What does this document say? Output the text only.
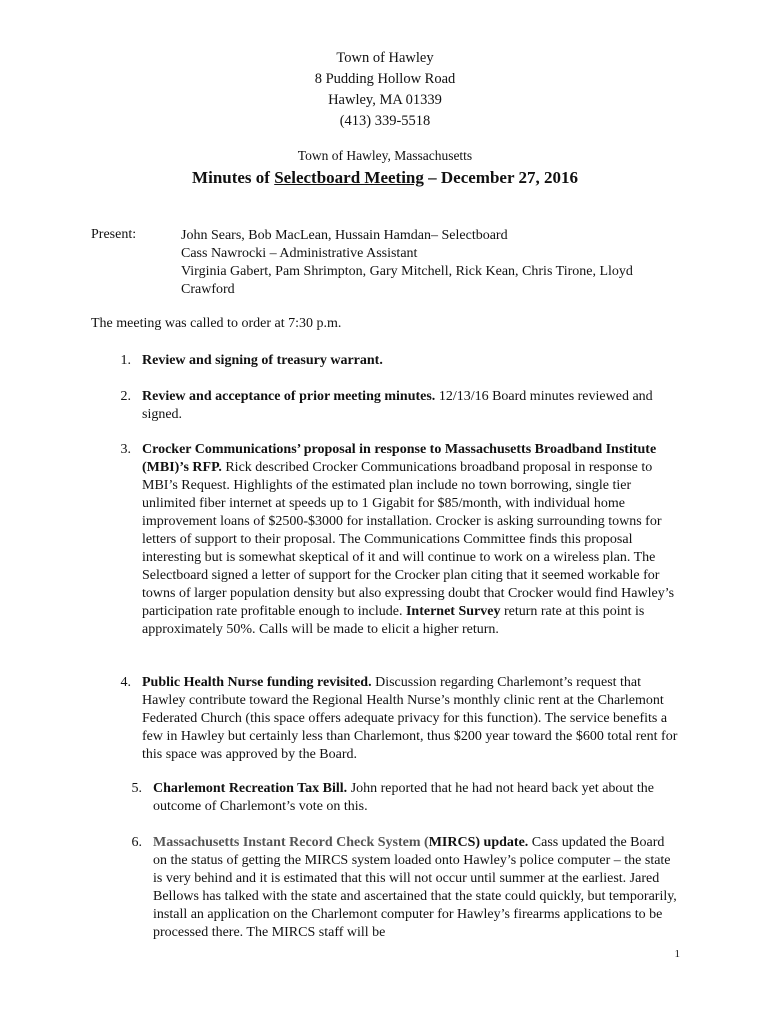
Town of Hawley
8 Pudding Hollow Road
Hawley, MA 01339
(413) 339-5518
Town of Hawley, Massachusetts
Minutes of Selectboard Meeting – December 27, 2016
Present:	John Sears, Bob MacLean, Hussain Hamdan– Selectboard
Cass Nawrocki – Administrative Assistant
Virginia Gabert, Pam Shrimpton, Gary Mitchell, Rick Kean, Chris Tirone, Lloyd
Crawford
The meeting was called to order at 7:30 p.m.
1. Review and signing of treasury warrant.
2. Review and acceptance of prior meeting minutes. 12/13/16 Board minutes reviewed and signed.
3. Crocker Communications’ proposal in response to Massachusetts Broadband Institute (MBI)’s RFP. Rick described Crocker Communications broadband proposal in response to MBI’s Request. Highlights of the estimated plan include no town borrowing, single tier unlimited fiber internet at speeds up to 1 Gigabit for $85/month, with individual home improvement loans of $2500-$3000 for installation. Crocker is asking surrounding towns for letters of support to their proposal. The Communications Committee finds this proposal interesting but is somewhat skeptical of it and will continue to work on a wireless plan. The Selectboard signed a letter of support for the Crocker plan citing that it seemed workable for towns of larger population density but also expressing doubt that Crocker would find Hawley’s participation rate profitable enough to include. Internet Survey return rate at this point is approximately 50%. Calls will be made to elicit a higher return.
4. Public Health Nurse funding revisited. Discussion regarding Charlemont’s request that Hawley contribute toward the Regional Health Nurse’s monthly clinic rent at the Charlemont Federated Church (this space offers adequate privacy for this function). The service benefits a few in Hawley but certainly less than Charlemont, thus $200 year toward the $600 total rent for this space was approved by the Board.
5. Charlemont Recreation Tax Bill. John reported that he had not heard back yet about the outcome of Charlemont’s vote on this.
6. Massachusetts Instant Record Check System (MIRCS) update. Cass updated the Board on the status of getting the MIRCS system loaded onto Hawley’s police computer – the state is very behind and it is estimated that this will not occur until summer at the earliest. Jared Bellows has talked with the state and ascertained that the state could quickly, but temporarily, install an application on the Charlemont computer for Hawley’s firearms applications to be processed there. The MIRCS staff will be
1
